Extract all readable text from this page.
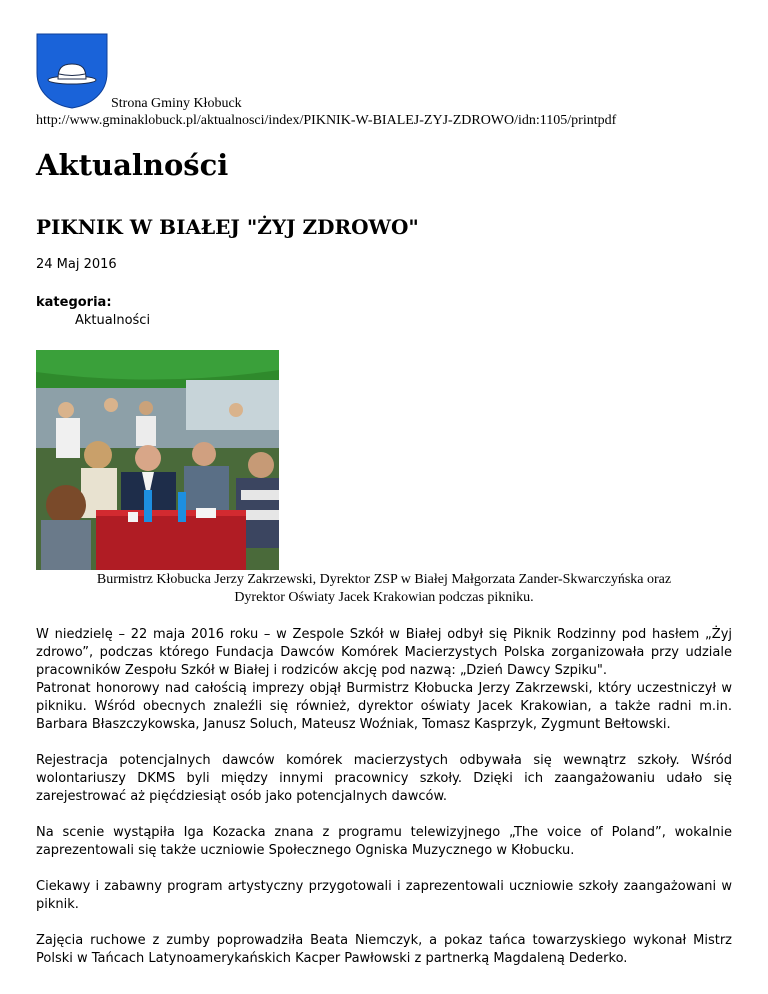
Strona Gminy Kłobuck
http://www.gminaklobuck.pl/aktualnosci/index/PIKNIK-W-BIALEJ-ZYJ-ZDROWO/idn:1105/printpdf
Aktualności
PIKNIK W BIAŁEJ "ŻYJ ZDROWO"
24 Maj 2016
kategoria:
Aktualności
Burmistrz Kłobucka Jerzy Zakrzewski, Dyrektor ZSP w Białej Małgorzata Zander-Skwarczyńska oraz
Dyrektor Oświaty Jacek Krakowian podczas pikniku.

W niedzielę – 22 maja 2016 roku – w Zespole Szkół w Białej odbył się Piknik Rodzinny pod hasłem „Żyj zdrowo”, podczas którego Fundacja Dawców Komórek Macierzystych Polska zorganizowała przy udziale pracowników Zespołu Szkół w Białej i rodziców akcję pod nazwą: „Dzień Dawcy Szpiku".

Patronat honorowy nad całością imprezy objął Burmistrz Kłobucka Jerzy Zakrzewski, który uczestniczył w pikniku. Wśród obecnych znaleźli się również, dyrektor oświaty Jacek Krakowian, a także radni m.in. Barbara Błaszczykowska, Janusz Soluch, Mateusz Woźniak, Tomasz Kasprzyk, Zygmunt Bełtowski.

Rejestracja potencjalnych dawców komórek macierzystych odbywała się wewnątrz szkoły. Wśród wolontariuszy DKMS byli między innymi pracownicy szkoły. Dzięki ich zaangażowaniu udało się zarejestrować aż pięćdziesiąt osób jako potencjalnych dawców.

Na scenie wystąpiła Iga Kozacka znana z programu telewizyjnego „The voice of Poland”, wokalnie zaprezentowali się także uczniowie Społecznego Ogniska Muzycznego w Kłobucku.

Ciekawy i zabawny program artystyczny przygotowali i zaprezentowali uczniowie szkoły zaangażowani w piknik.

Zajęcia ruchowe z zumby poprowadziła Beata Niemczyk, a pokaz tańca towarzyskiego wykonał Mistrz Polski w Tańcach Latynoamerykańskich Kacper Pawłowski z partnerką Magdaleną Dederko.
